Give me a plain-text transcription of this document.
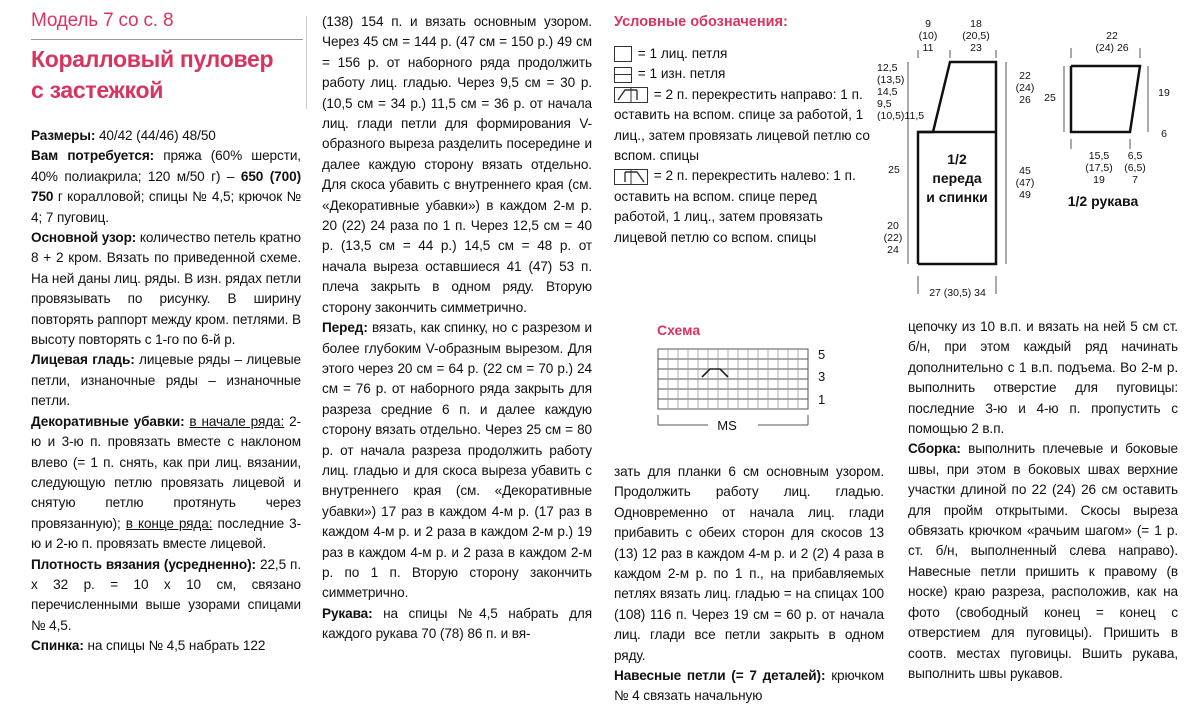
Модель 7 со с. 8
Коралловый пуловер
с застежкой

Размеры: 40/42 (44/46) 48/50

Вам потребуется: пряжа (60% шерсти, 40% полиакрила; 120 м/50 г) – 650 (700) 750 г коралловой; спицы № 4,5; крючок № 4; 7 пуговиц.

Основной узор: количество петель кратно 8 + 2 кром. Вязать по приведенной схеме. На ней даны лиц. ряды. В изн. рядах петли провязывать по рисунку. В ширину повторять раппорт между кром. петлями. В высоту повторять с 1-го по 6-й р.

Лицевая гладь: лицевые ряды – лицевые петли, изнаночные ряды – изнаночные петли.

Декоративные убавки: в начале ряда: 2-ю и 3-ю п. провязать вместе с наклоном влево (= 1 п. снять, как при лиц. вязании, следующую петлю провязать лицевой и снятую петлю протянуть через провязанную); в конце ряда: последние 3-ю и 2-ю п. провязать вместе лицевой.

Плотность вязания (усредненно): 22,5 п. х 32 р. = 10 х 10 см, связано перечисленными выше узорами спицами № 4,5.

Спинка: на спицы № 4,5 набрать 122

(138) 154 п. и вязать основным узором. Через 45 см = 144 р. (47 см = 150 р.) 49 см = 156 р. от наборного ряда продолжить работу лиц. гладью. Через 9,5 см = 30 р. (10,5 см = 34 р.) 11,5 см = 36 р. от начала лиц. глади петли для формирования V-образного выреза разделить посередине и далее каждую сторону вязать отдельно. Для скоса убавить с внутреннего края (см. «Декоративные убавки») в каждом 2-м р. 20 (22) 24 раза по 1 п. Через 12,5 см = 40 р. (13,5 см = 44 р.) 14,5 см = 48 р. от начала выреза оставшиеся 41 (47) 53 п. плеча закрыть в одном ряду. Вторую сторону закончить симметрично.

Перед: вязать, как спинку, но с разрезом и более глубоким V-образным вырезом. Для этого через 20 см = 64 р. (22 см = 70 р.) 24 см = 76 р. от наборного ряда закрыть для разреза средние 6 п. и далее каждую сторону вязать отдельно. Через 25 см = 80 р. от начала разреза продолжить работу лиц. гладью и для скоса выреза убавить с внутреннего края (см. «Декоративные убавки») 17 раз в каждом 4-м р. (17 раз в каждом 4-м р. и 2 раза в каждом 2-м р.) 19 раз в каждом 4-м р. и 2 раза в каждом 2-м р. по 1 п. Вторую сторону закончить симметрично.

Рукава: на спицы №4,5 набрать для каждого рукава 70 (78) 86 п. и вя-

Условные обозначения:
= 1 лиц. петля
= 1 изн. петля
= 2 п. перекрестить направо: 1 п. оставить на вспом. спице за работой, 1 лиц., затем провязать лицевой петлю со вспом. спицы
= 2 п. перекрестить налево: 1 п. оставить на вспом. спице перед работой, 1 лиц., затем провязать лицевой петлю со вспом. спицы
Схема
5
3
1
MS
9
(10)
11
18
(20,5)
23
12,5
(13,5)
14,5
9,5
(10,5)11,5
22
(24)
26
25
1/2
переда
и спинки
45
(47)
49
20
(22)
24
27 (30,5) 34
22
(24) 26
25	19
6
15,5
(17,5)
19
6,5
(6,5)
7
1/2 рукава

зать для планки 6 см основным узором. Продолжить работу лиц. гладью. Одновременно от начала лиц. глади прибавить с обеих сторон для скосов 13 (13) 12 раз в каждом 4-м р. и 2 (2) 4 раза в каждом 2-м р. по 1 п., на прибавляемых петлях вязать лиц. гладью = на спицах 100 (108) 116 п. Через 19 см = 60 р. от начала лиц. глади все петли закрыть в одном ряду.

Навесные петли (= 7 деталей): крючком № 4 связать начальную

цепочку из 10 в.п. и вязать на ней 5 см ст. б/н, при этом каждый ряд начинать дополнительно с 1 в.п. подъема. Во 2-м р. выполнить отверстие для пуговицы: последние 3-ю и 4-ю п. пропустить с помощью 2 в.п.

Сборка: выполнить плечевые и боковые швы, при этом в боковых швах верхние участки длиной по 22 (24) 26 см оставить для пройм открытыми. Скосы выреза обвязать крючком «рачьим шагом» (= 1 р. ст. б/н, выполненный слева направо). Навесные петли пришить к правому (в носке) краю разреза, расположив, как на фото (свободный конец = конец с отверстием для пуговицы). Пришить в соотв. местах пуговицы. Вшить рукава, выполнить швы рукавов.
